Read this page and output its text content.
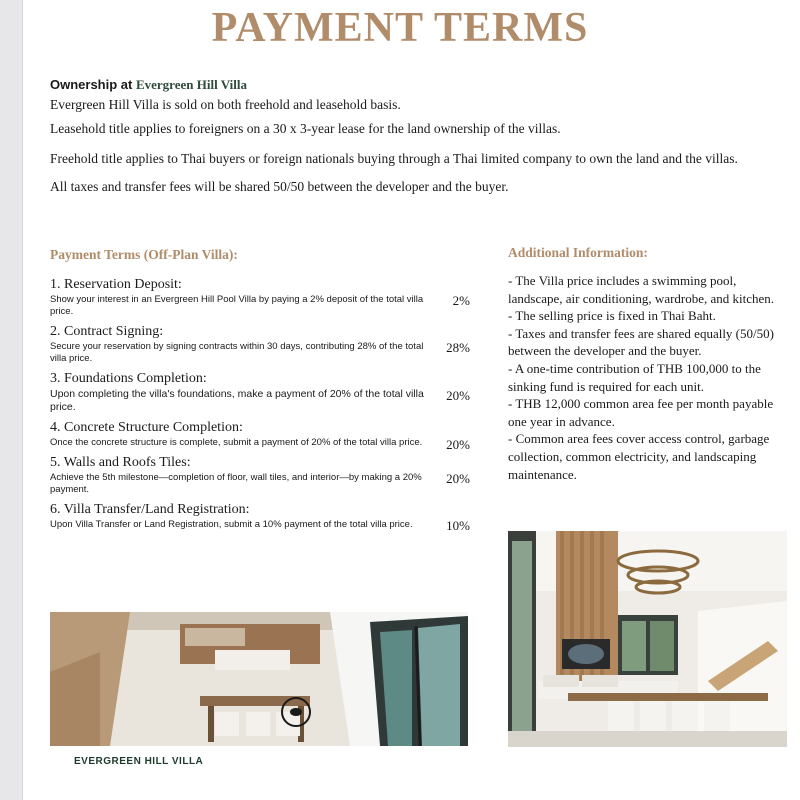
PAYMENT TERMS
Ownership at Evergreen Hill Villa

Evergreen Hill Villa is sold on both freehold and leasehold basis.

Leasehold title applies to foreigners on a 30 x 3-year lease for the land ownership of the villas.

Freehold title applies to Thai buyers or foreign nationals buying through a Thai limited company to own the land and the villas.

All taxes and transfer fees will be shared 50/50 between the developer and the buyer.

Payment Terms (Off-Plan Villa):
1. Reservation Deposit:
2%
Show your interest in an Evergreen Hill Pool Villa by paying a 2% deposit of the total villa price.
2. Contract Signing:
28%
Secure your reservation by signing contracts within 30 days, contributing 28% of the total villa price.
3. Foundations Completion:
20%
Upon completing the villa's foundations, make a payment of 20% of the total villa price.
4. Concrete Structure Completion:
20%
Once the concrete structure is complete, submit a payment of 20% of the total villa price.
5. Walls and Roofs Tiles:
20%
Achieve the 5th milestone—completion of floor, wall tiles, and interior—by making a 20% payment.
6. Villa Transfer/Land Registration:
10%
Upon Villa Transfer or Land Registration, submit a 10% payment of the total villa price.
Additional Information:
- The Villa price includes a swimming pool, landscape, air conditioning, wardrobe, and kitchen.
- The selling price is fixed in Thai Baht.
- Taxes and transfer fees are shared equally (50/50) between the developer and the buyer.
- A one-time contribution of THB 100,000 to the sinking fund is required for each unit.
- THB 12,000 common area fee per month payable one year in advance.
- Common area fees cover access control, garbage collection, common electricity, and landscaping maintenance.
EVERGREEN HILL VILLA
